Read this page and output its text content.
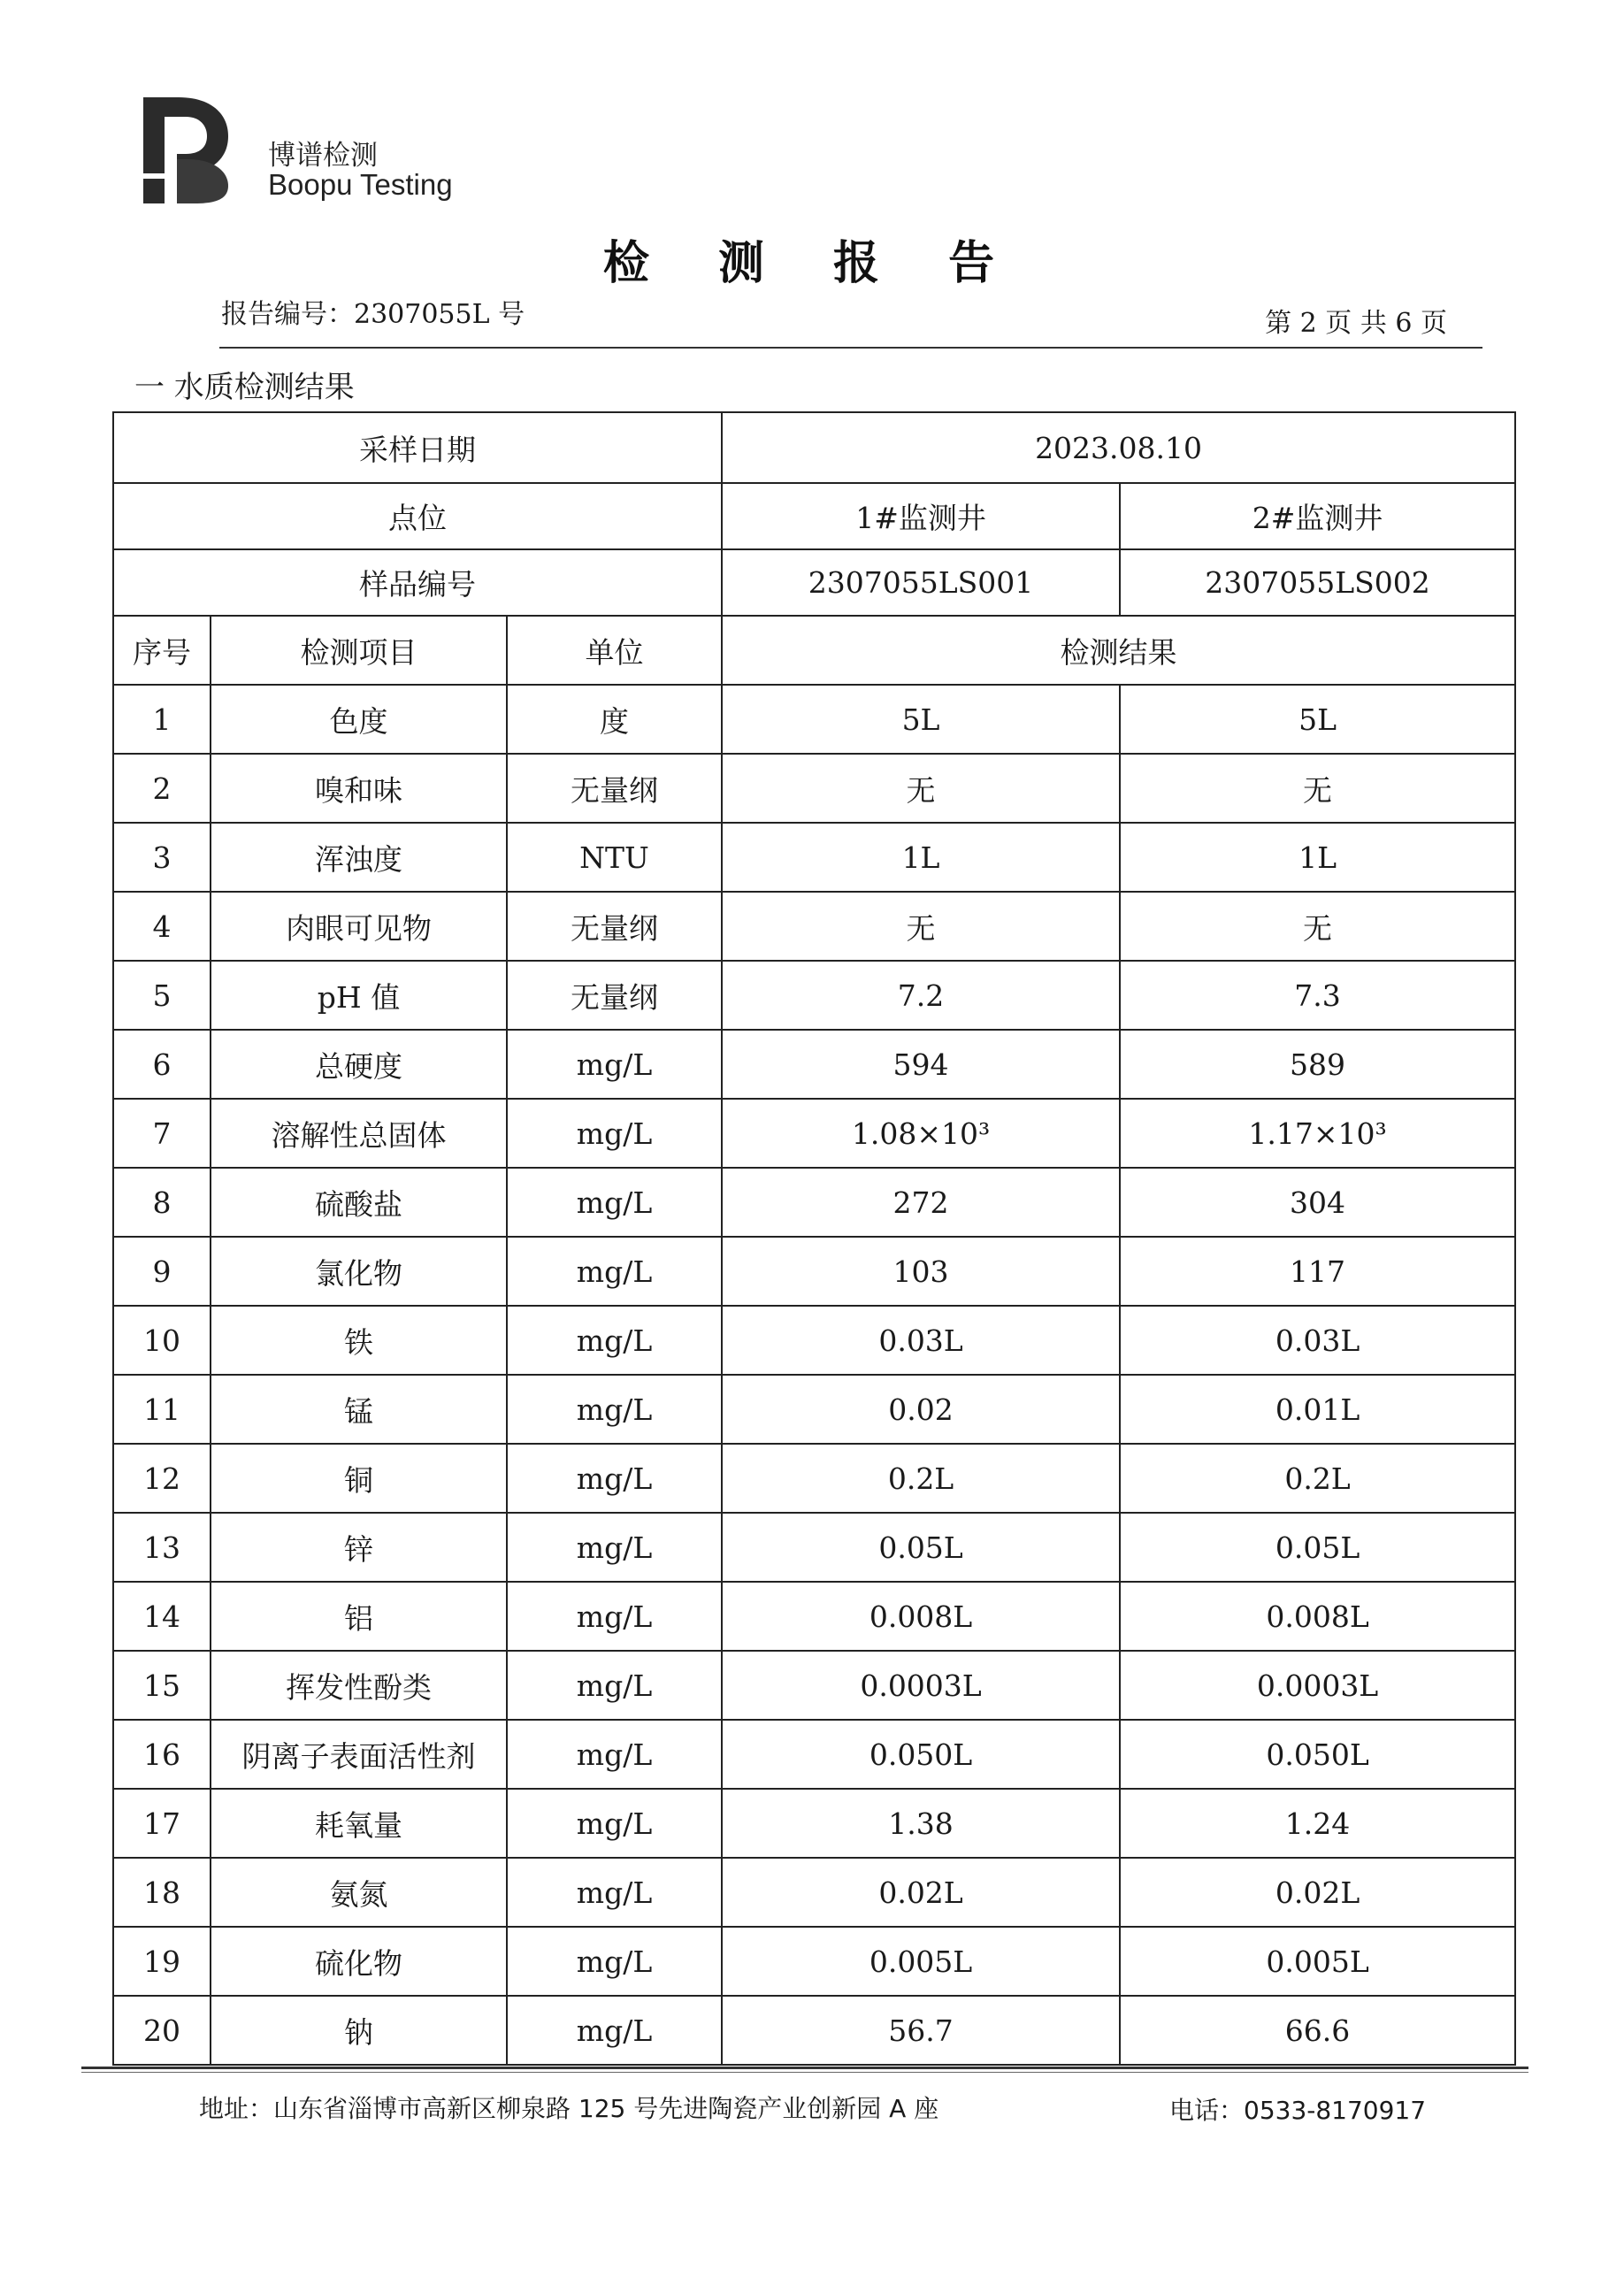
博谱检测
Boopu Testing
检 测 报 告
报告编号：2307055L 号	第 2 页 共 6 页
一 水质检测结果
采样日期			2023.08.10	
点位			1#监测井	2#监测井
样品编号			2307055LS001	2307055LS002
序号	检测项目	单位	检测结果	
1	色度	度	5L	5L
2	嗅和味	无量纲	无	无
3	浑浊度	NTU	1L	1L
4	肉眼可见物	无量纲	无	无
5	pH 值	无量纲	7.2	7.3
6	总硬度	mg/L	594	589
7	溶解性总固体	mg/L	1.08×10³	1.17×10³
8	硫酸盐	mg/L	272	304
9	氯化物	mg/L	103	117
10	铁	mg/L	0.03L	0.03L
11	锰	mg/L	0.02	0.01L
12	铜	mg/L	0.2L	0.2L
13	锌	mg/L	0.05L	0.05L
14	铝	mg/L	0.008L	0.008L
15	挥发性酚类	mg/L	0.0003L	0.0003L
16	阴离子表面活性剂	mg/L	0.050L	0.050L
17	耗氧量	mg/L	1.38	1.24
18	氨氮	mg/L	0.02L	0.02L
19	硫化物	mg/L	0.005L	0.005L
20	钠	mg/L	56.7	66.6
地址：山东省淄博市高新区柳泉路 125 号先进陶瓷产业创新园 A 座	电话：0533-8170917
